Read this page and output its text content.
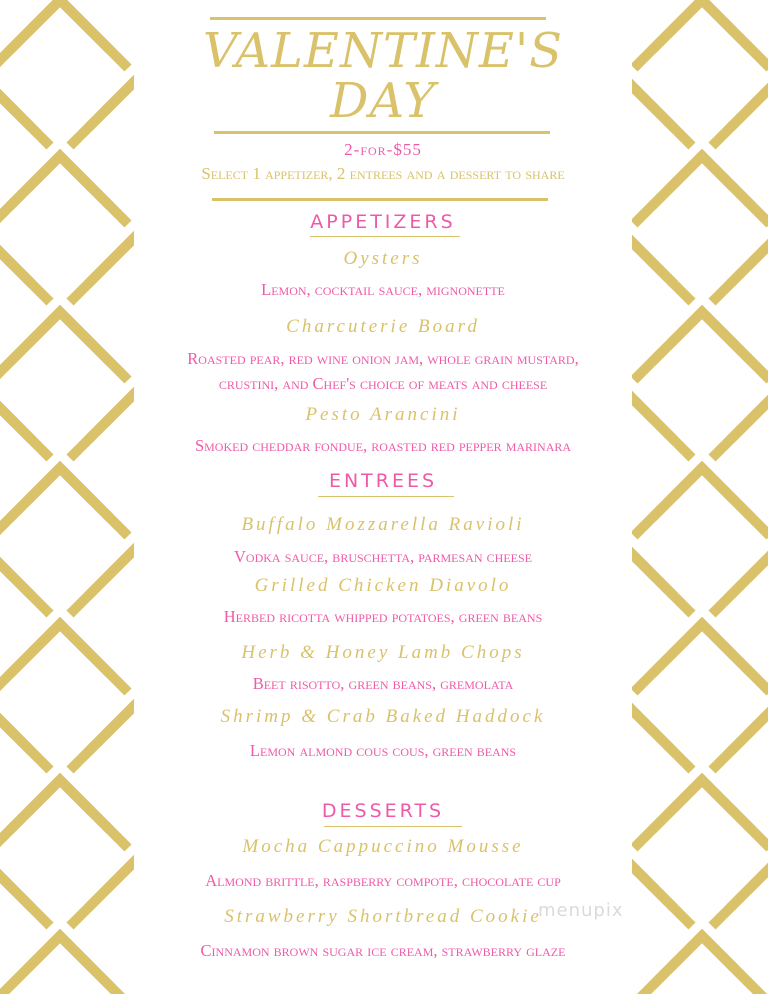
VALENTINE'S
DAY
2-for-$55
Select 1 appetizer, 2 entrees and a dessert to share
APPETIZERS
Oysters
Lemon, cocktail sauce, mignonette
Charcuterie Board
Roasted pear, red wine onion jam, whole grain mustard,
crustini, and Chef's choice of meats and cheese
Pesto Arancini
Smoked cheddar fondue, roasted red pepper marinara
ENTREES
Buffalo Mozzarella Ravioli
Vodka sauce, bruschetta, parmesan cheese
Grilled Chicken Diavolo
Herbed ricotta whipped potatoes, green beans
Herb & Honey Lamb Chops
Beet risotto, green beans, gremolata
Shrimp & Crab Baked Haddock
Lemon almond cous cous, green beans
DESSERTS
Mocha Cappuccino Mousse
Almond brittle, raspberry compote, chocolate cup
Strawberry Shortbread Cookie
Cinnamon brown sugar ice cream, strawberry glaze
menupix
